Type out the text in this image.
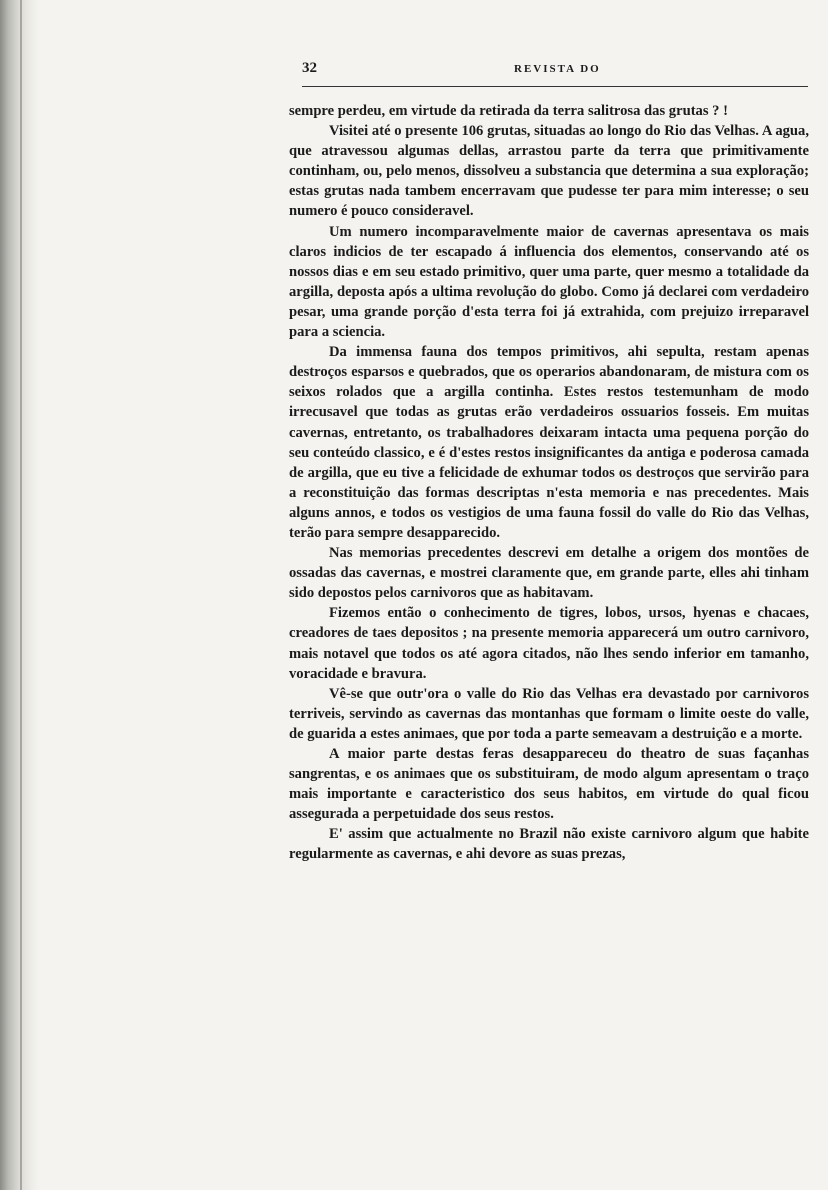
32	REVISTA DO

sempre perdeu, em virtude da retirada da terra salitrosa das grutas ? !

Visitei até o presente 106 grutas, situadas ao longo do Rio das Velhas. A agua, que atravessou algumas dellas, arrastou parte da terra que primitivamente continham, ou, pelo menos, dissolveu a substancia que determina a sua exploração; estas grutas nada tambem encerravam que pudesse ter para mim interesse; o seu numero é pouco consideravel.

Um numero incomparavelmente maior de cavernas apresentava os mais claros indicios de ter escapado á influencia dos elementos, conservando até os nossos dias e em seu estado primitivo, quer uma parte, quer mesmo a totalidade da argilla, deposta após a ultima revolução do globo. Como já declarei com verdadeiro pesar, uma grande porção d'esta terra foi já extrahida, com prejuizo irreparavel para a sciencia.

Da immensa fauna dos tempos primitivos, ahi sepulta, restam apenas destroços esparsos e quebrados, que os operarios abandonaram, de mistura com os seixos rolados que a argilla continha. Estes restos testemunham de modo irrecusavel que todas as grutas erão verdadeiros ossuarios fosseis. Em muitas cavernas, entretanto, os trabalhadores deixaram intacta uma pequena porção do seu conteúdo classico, e é d'estes restos insignificantes da antiga e poderosa camada de argilla, que eu tive a felicidade de exhumar todos os destroços que servirão para a reconstituição das formas descriptas n'esta memoria e nas precedentes. Mais alguns annos, e todos os vestigios de uma fauna fossil do valle do Rio das Velhas, terão para sempre desapparecido.

Nas memorias precedentes descrevi em detalhe a origem dos montões de ossadas das cavernas, e mostrei claramente que, em grande parte, elles ahi tinham sido depostos pelos carnivoros que as habitavam.

Fizemos então o conhecimento de tigres, lobos, ursos, hyenas e chacaes, creadores de taes depositos ; na presente memoria apparecerá um outro carnivoro, mais notavel que todos os até agora citados, não lhes sendo inferior em tamanho, voracidade e bravura.

Vê-se que outr'ora o valle do Rio das Velhas era devastado por carnivoros terriveis, servindo as cavernas das montanhas que formam o limite oeste do valle, de guarida a estes animaes, que por toda a parte semeavam a destruição e a morte.

A maior parte destas feras desappareceu do theatro de suas façanhas sangrentas, e os animaes que os substituiram, de modo algum apresentam o traço mais importante e caracteristico dos seus habitos, em virtude do qual ficou assegurada a perpetuidade dos seus restos.

E' assim que actualmente no Brazil não existe carnivoro algum que habite regularmente as cavernas, e ahi devore as suas prezas,
